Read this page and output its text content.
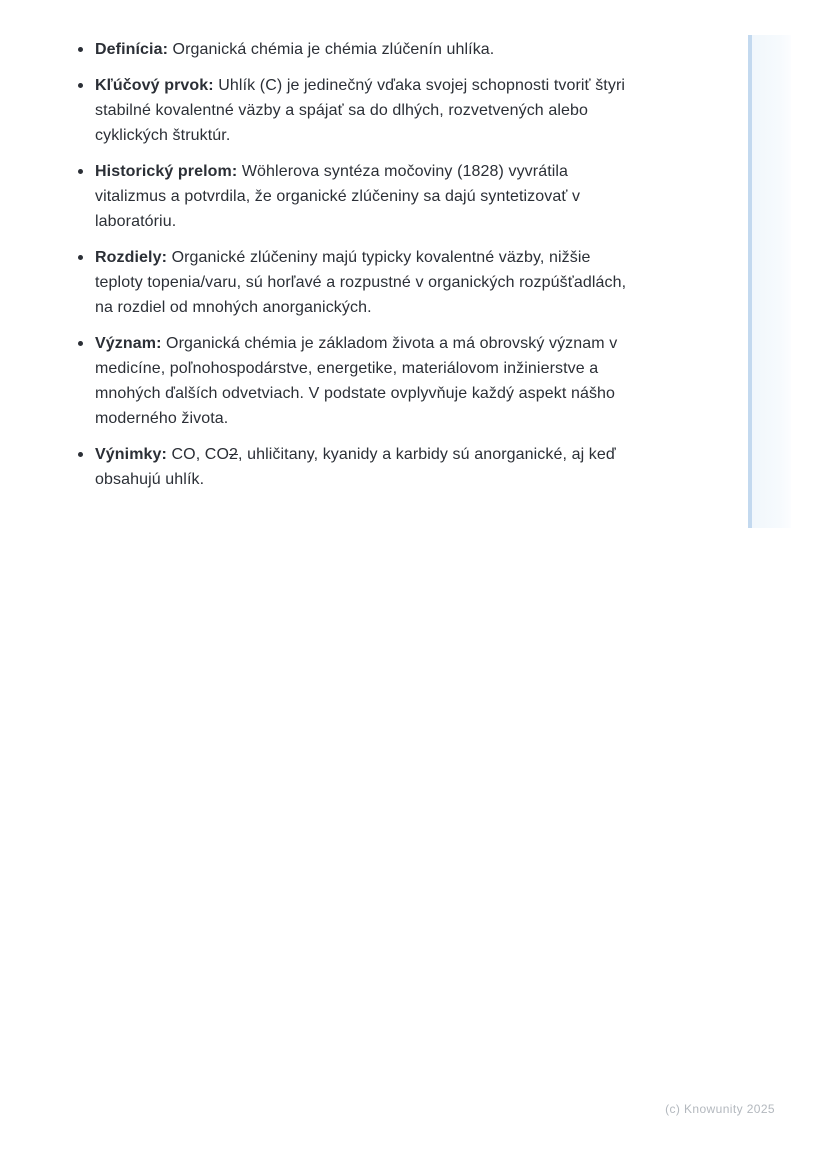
Definícia: Organická chémia je chémia zlúčenín uhlíka.
Kľúčový prvok: Uhlík (C) je jedinečný vďaka svojej schopnosti tvoriť štyri stabilné kovalentné väzby a spájať sa do dlhých, rozvetvených alebo cyklických štruktúr.
Historický prelom: Wöhlerova syntéza močoviny (1828) vyvrátila vitalizmus a potvrdila, že organické zlúčeniny sa dajú syntetizovať v laboratóriu.
Rozdiely: Organické zlúčeniny majú typicky kovalentné väzby, nižšie teploty topenia/varu, sú horľavé a rozpustné v organických rozpúšťadlách, na rozdiel od mnohých anorganických.
Význam: Organická chémia je základom života a má obrovský význam v medicíne, poľnohospodárstve, energetike, materiálovom inžinierstve a mnohých ďalších odvetviach. V podstate ovplyvňuje každý aspekt nášho moderného života.
Výnimky: CO, CO2, uhličitany, kyanidy a karbidy sú anorganické, aj keď obsahujú uhlík.
(c) Knowunity 2025
